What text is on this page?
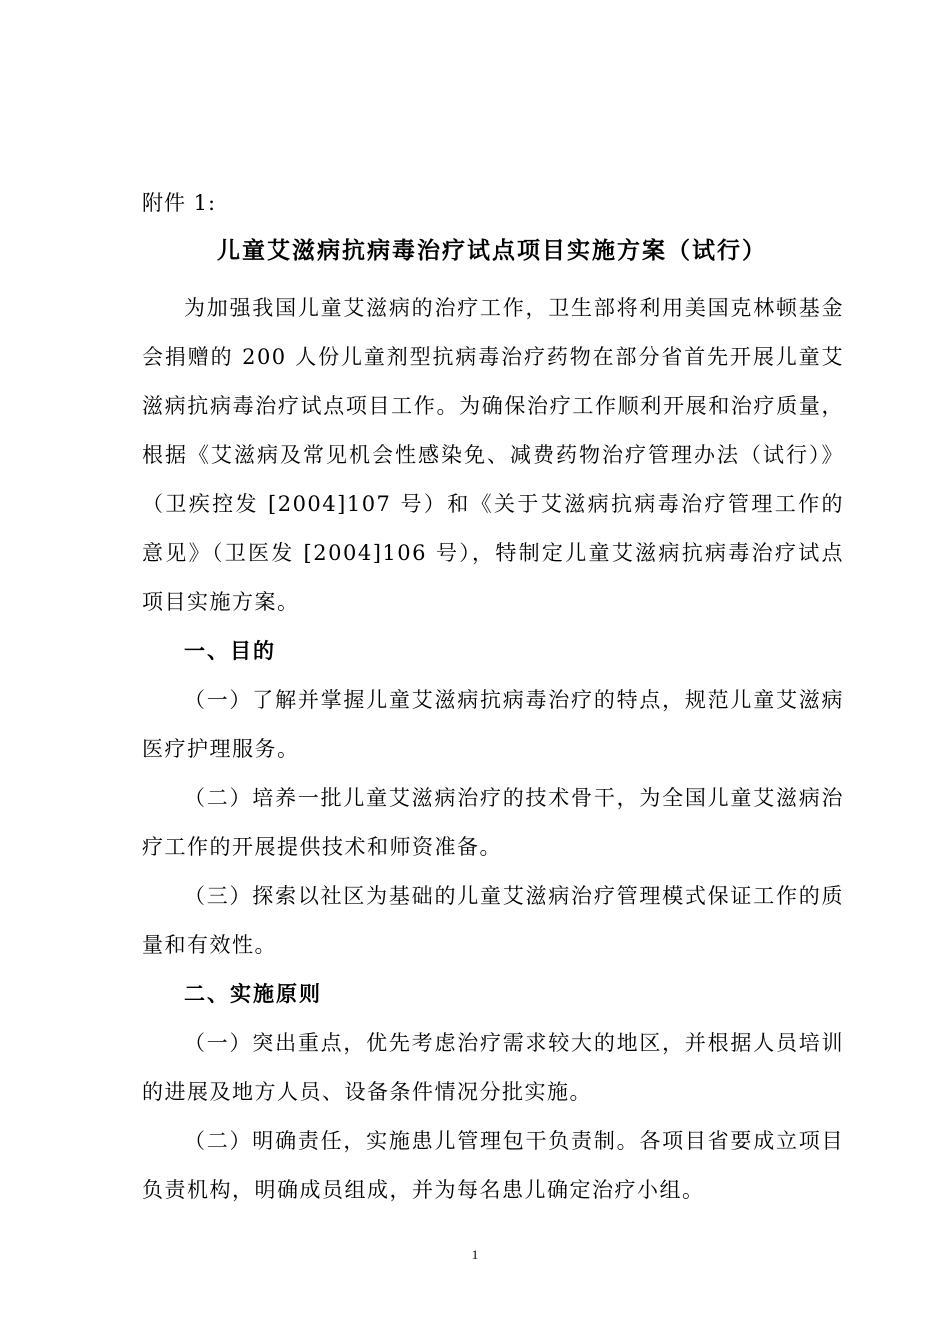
附件 1:
儿童艾滋病抗病毒治疗试点项目实施方案（试行）

为加强我国儿童艾滋病的治疗工作，卫生部将利用美国克林顿基金会捐赠的 200 人份儿童剂型抗病毒治疗药物在部分省首先开展儿童艾滋病抗病毒治疗试点项目工作。为确保治疗工作顺利开展和治疗质量，根据《艾滋病及常见机会性感染免、减费药物治疗管理办法（试行）》（卫疾控发 [2004]107 号）和《关于艾滋病抗病毒治疗管理工作的意见》（卫医发 [2004]106 号），特制定儿童艾滋病抗病毒治疗试点项目实施方案。

一、目的

（一）了解并掌握儿童艾滋病抗病毒治疗的特点，规范儿童艾滋病医疗护理服务。

（二）培养一批儿童艾滋病治疗的技术骨干，为全国儿童艾滋病治疗工作的开展提供技术和师资准备。

（三）探索以社区为基础的儿童艾滋病治疗管理模式保证工作的质量和有效性。

二、实施原则

（一）突出重点，优先考虑治疗需求较大的地区，并根据人员培训的进展及地方人员、设备条件情况分批实施。

（二）明确责任，实施患儿管理包干负责制。各项目省要成立项目负责机构，明确成员组成，并为每名患儿确定治疗小组。

1
